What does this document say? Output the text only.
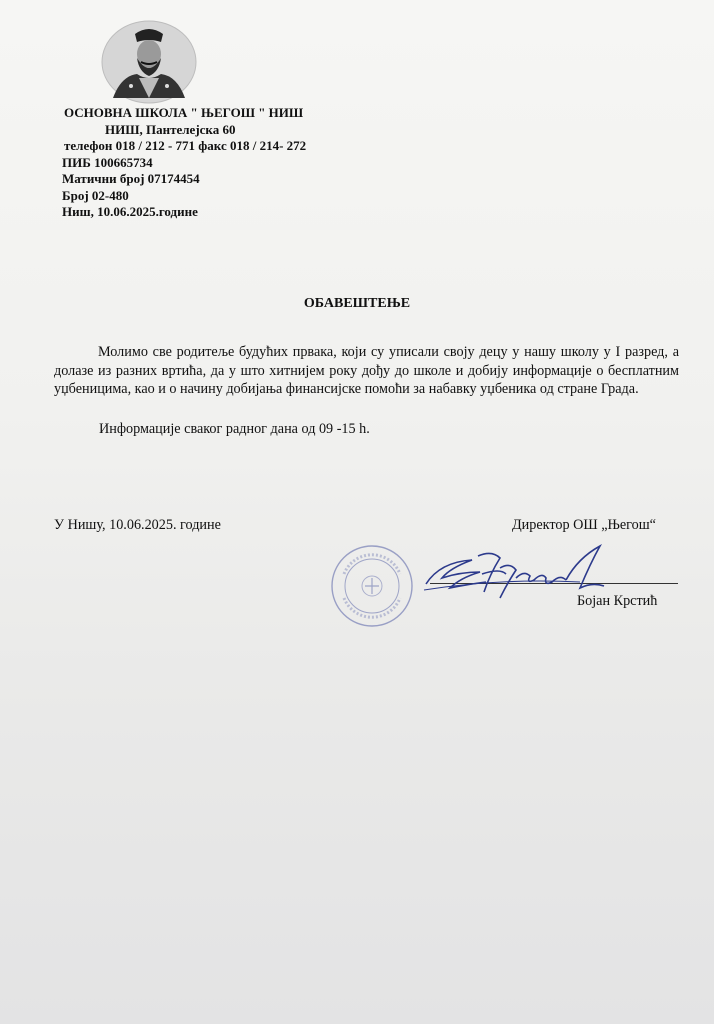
ОСНОВНА ШКОЛА " ЊЕГОШ " НИШ
НИШ, Пантелејска 60
телефон 018 / 212 - 771 факс 018 / 214- 272
ПИБ 100665734
Матични број 07174454
Број 02-480
Ниш, 10.06.2025.године
ОБАВЕШТЕЊЕ
Молимо све родитеље будућих првака, који су уписали своју децу у нашу школу у I разред, а долазе из разних вртића, да у што хитнијем року дођу до школе и добију информације о бесплатним уџбеницима, као и о начину добијања финансијске помоћи за набавку уџбеника од стране Града.
Информације сваког радног дана од 09 -15 h.
У Нишу, 10.06.2025. године	Директор ОШ „Његош“
Бојан Крстић
